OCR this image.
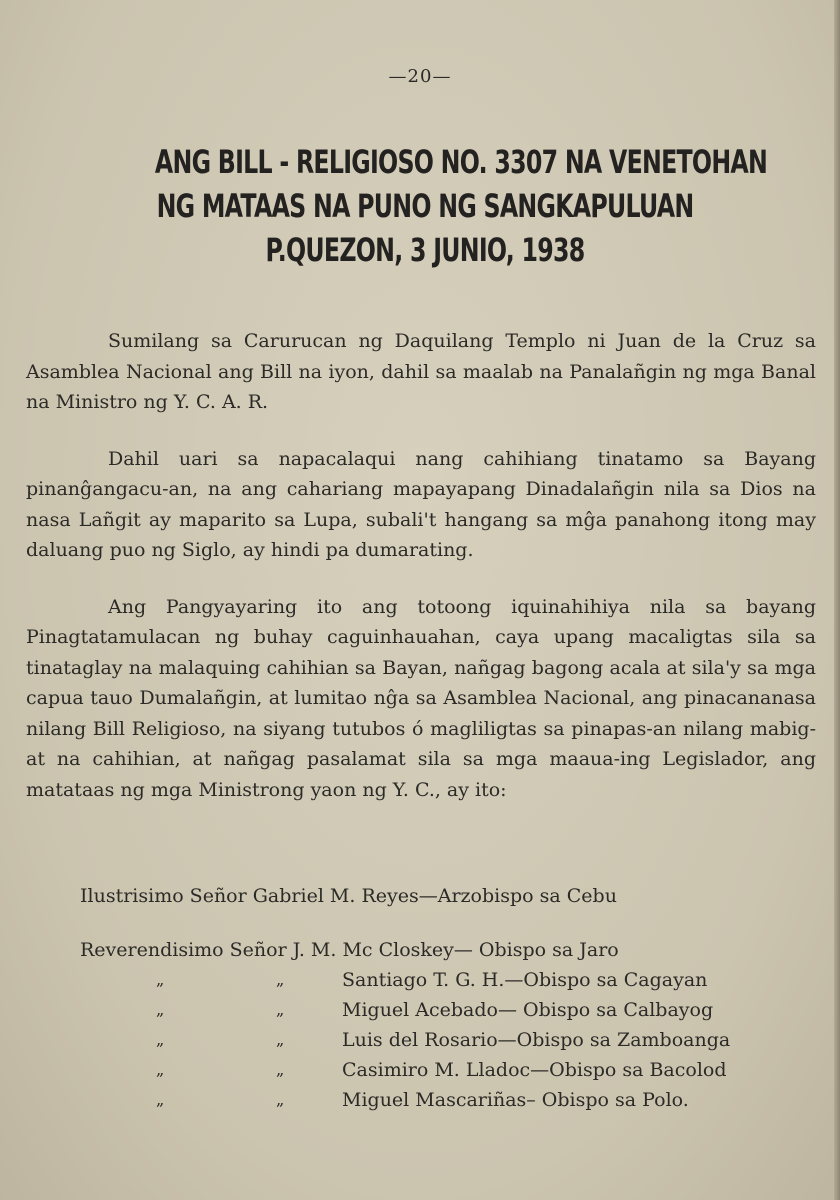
—20—
ANG BILL - RELIGIOSO NO. 3307 NA VENETOHAN
NG MATAAS NA PUNO NG SANGKAPULUAN
P.QUEZON, 3 JUNIO, 1938

Sumilang sa Carurucan ng Daquilang Templo ni Juan de la Cruz sa Asamblea Nacional ang Bill na iyon, dahil sa maalab na Panalañgin ng mga Banal na Ministro ng Y. C. A. R.

Dahil uari sa napacalaqui nang cahihiang tinatamo sa Bayang pinanĝangacu-an, na ang cahariang mapayapang Dinadalañgin nila sa Dios na nasa Lañgit ay maparito sa Lupa, subali't hangang sa mĝa panahong itong may daluang puo ng Siglo, ay hindi pa dumarating.

Ang Pangyayaring ito ang totoong iquinahihiya nila sa bayang Pinagtatamulacan ng buhay caguinhauahan, caya upang macaligtas sila sa tinataglay na malaquing cahihian sa Bayan, nañgag bagong acala at sila'y sa mga capua tauo Dumalañgin, at lumitao nĝa sa Asamblea Nacional, ang pinacananasa nilang Bill Religioso, na siyang tutubos ó magliligtas sa pinapas-an nilang mabig-at na cahihian, at nañgag pasalamat sila sa mga maaua-ing Legislador, ang matataas ng mga Ministrong yaon ng Y. C., ay ito:

Ilustrisimo Señor Gabriel M. Reyes—Arzobispo sa Cebu
Reverendisimo Señor J. M. Mc Closkey— Obispo sa Jaro
„	„	Santiago T. G. H.—Obispo sa Cagayan
„	„	Miguel Acebado— Obispo sa Calbayog
„	„	Luis del Rosario—Obispo sa Zamboanga
„	„	Casimiro M. Lladoc—Obispo sa Bacolod
„	„	Miguel Mascariñas– Obispo sa Polo.
